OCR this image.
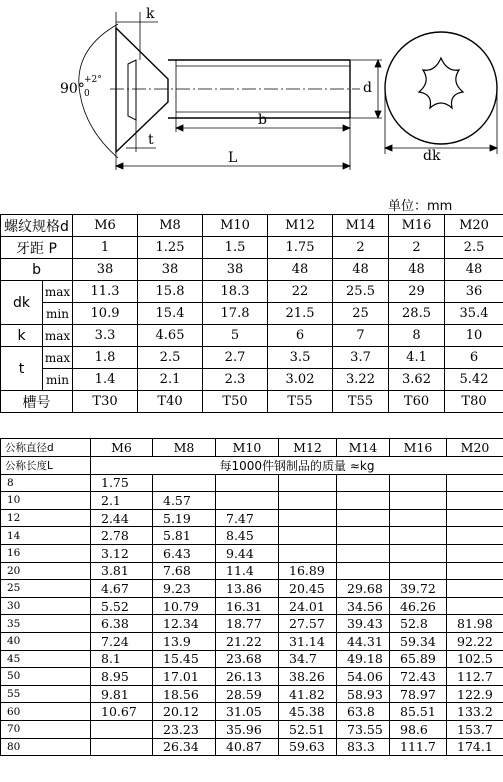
k
90°
+2°
0
t
b
L
d
dk
单位：mm
螺纹规格d		M6	M8	M10	M12	M14	M16	M20
牙距 P		1	1.25	1.5	1.75	2	2	2.5
b		38	38	38	48	48	48	48
dk	max	11.3	15.8	18.3	22	25.5	29	36
	min	10.9	15.4	17.8	21.5	25	28.5	35.4
k	max	3.3	4.65	5	6	7	8	10
t	max	1.8	2.5	2.7	3.5	3.7	4.1	6
	min	1.4	2.1	2.3	3.02	3.22	3.62	5.42
槽号		T30	T40	T50	T55	T55	T60	T80
公称直径d	M6	M8	M10	M12	M14	M16	M20
公称长度L	每1000件钢制品的质量 ≈kg						
8	1.75						
10	2.1	4.57					
12	2.44	5.19	7.47				
14	2.78	5.81	8.45				
16	3.12	6.43	9.44				
20	3.81	7.68	11.4	16.89			
25	4.67	9.23	13.86	20.45	29.68	39.72	
30	5.52	10.79	16.31	24.01	34.56	46.26	
35	6.38	12.34	18.77	27.57	39.43	52.8	81.98
40	7.24	13.9	21.22	31.14	44.31	59.34	92.22
45	8.1	15.45	23.68	34.7	49.18	65.89	102.5
50	8.95	17.01	26.13	38.26	54.06	72.43	112.7
55	9.81	18.56	28.59	41.82	58.93	78.97	122.9
60	10.67	20.12	31.05	45.38	63.8	85.51	133.2
70		23.23	35.96	52.51	73.55	98.6	153.7
80		26.34	40.87	59.63	83.3	111.7	174.1
